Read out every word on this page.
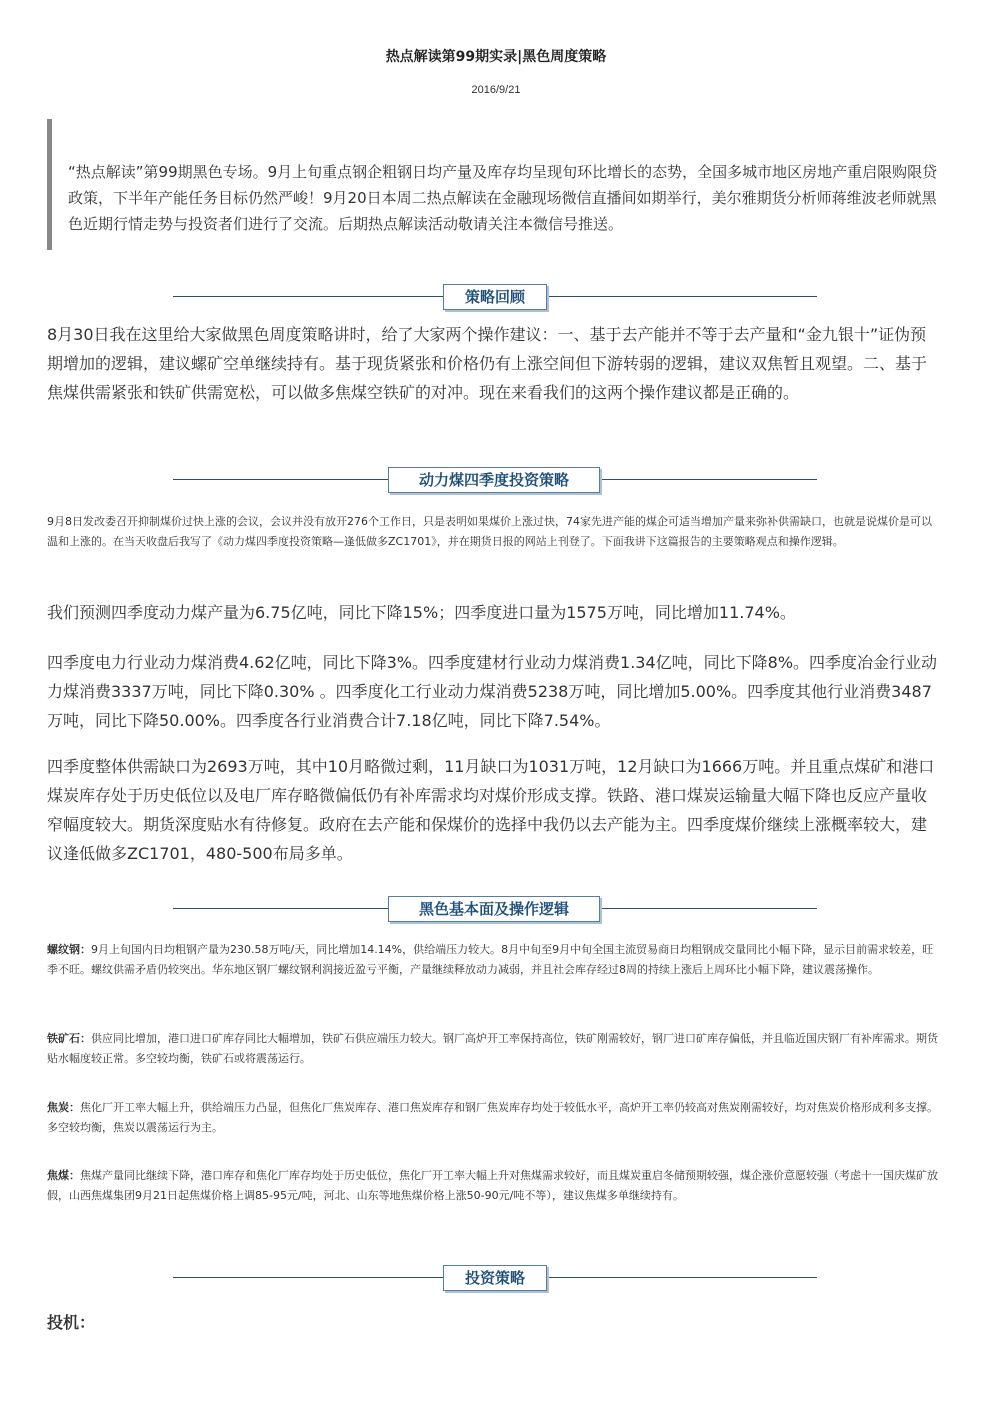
热点解读第99期实录|黑色周度策略
2016/9/21

“热点解读”第99期黑色专场。9月上旬重点钢企粗钢日均产量及库存均呈现旬环比增长的态势，全国多城市地区房地产重启限购限贷政策，下半年产能任务目标仍然严峻！9月20日本周二热点解读在金融现场微信直播间如期举行，美尔雅期货分析师蒋维波老师就黑色近期行情走势与投资者们进行了交流。后期热点解读活动敬请关注本微信号推送。

策略回顾

8月30日我在这里给大家做黑色周度策略讲时，给了大家两个操作建议：一、基于去产能并不等于去产量和“金九银十”证伪预期增加的逻辑，建议螺矿空单继续持有。基于现货紧张和价格仍有上涨空间但下游转弱的逻辑，建议双焦暂且观望。二、基于焦煤供需紧张和铁矿供需宽松，可以做多焦煤空铁矿的对冲。现在来看我们的这两个操作建议都是正确的。

动力煤四季度投资策略

9月8日发改委召开抑制煤价过快上涨的会议，会议并没有放开276个工作日，只是表明如果煤价上涨过快，74家先进产能的煤企可适当增加产量来弥补供需缺口，也就是说煤价是可以温和上涨的。在当天收盘后我写了《动力煤四季度投资策略—逢低做多ZC1701》，并在期货日报的网站上刊登了。下面我讲下这篇报告的主要策略观点和操作逻辑。

我们预测四季度动力煤产量为6.75亿吨，同比下降15%；四季度进口量为1575万吨，同比增加11.74%。

四季度电力行业动力煤消费4.62亿吨，同比下降3%。四季度建材行业动力煤消费1.34亿吨，同比下降8%。四季度冶金行业动力煤消费3337万吨，同比下降0.30% 。四季度化工行业动力煤消费5238万吨，同比增加5.00%。四季度其他行业消费3487万吨，同比下降50.00%。四季度各行业消费合计7.18亿吨，同比下降7.54%。

四季度整体供需缺口为2693万吨，其中10月略微过剩，11月缺口为1031万吨，12月缺口为1666万吨。并且重点煤矿和港口煤炭库存处于历史低位以及电厂库存略微偏低仍有补库需求均对煤价形成支撑。铁路、港口煤炭运输量大幅下降也反应产量收窄幅度较大。期货深度贴水有待修复。政府在去产能和保煤价的选择中我仍以去产能为主。四季度煤价继续上涨概率较大，建议逢低做多ZC1701，480-500布局多单。

黑色基本面及操作逻辑

螺纹钢：9月上旬国内日均粗钢产量为230.58万吨/天，同比增加14.14%，供给端压力较大。8月中旬至9月中旬全国主流贸易商日均粗钢成交量同比小幅下降，显示目前需求较差，旺季不旺。螺纹供需矛盾仍较突出。华东地区钢厂螺纹钢利润接近盈亏平衡，产量继续释放动力减弱，并且社会库存经过8周的持续上涨后上周环比小幅下降，建议震荡操作。

铁矿石：供应同比增加，港口进口矿库存同比大幅增加，铁矿石供应端压力较大。钢厂高炉开工率保持高位，铁矿刚需较好，钢厂进口矿库存偏低，并且临近国庆钢厂有补库需求。期货贴水幅度较正常。多空较均衡，铁矿石或将震荡运行。

焦炭：焦化厂开工率大幅上升，供给端压力凸显，但焦化厂焦炭库存、港口焦炭库存和钢厂焦炭库存均处于较低水平，高炉开工率仍较高对焦炭刚需较好，均对焦炭价格形成利多支撑。多空较均衡，焦炭以震荡运行为主。

焦煤：焦煤产量同比继续下降，港口库存和焦化厂库存均处于历史低位，焦化厂开工率大幅上升对焦煤需求较好，而且煤炭重启冬储预期较强，煤企涨价意愿较强（考虑十一国庆煤矿放假，山西焦煤集团9月21日起焦煤价格上调85-95元/吨，河北、山东等地焦煤价格上涨50-90元/吨不等），建议焦煤多单继续持有。

投资策略
投机：
